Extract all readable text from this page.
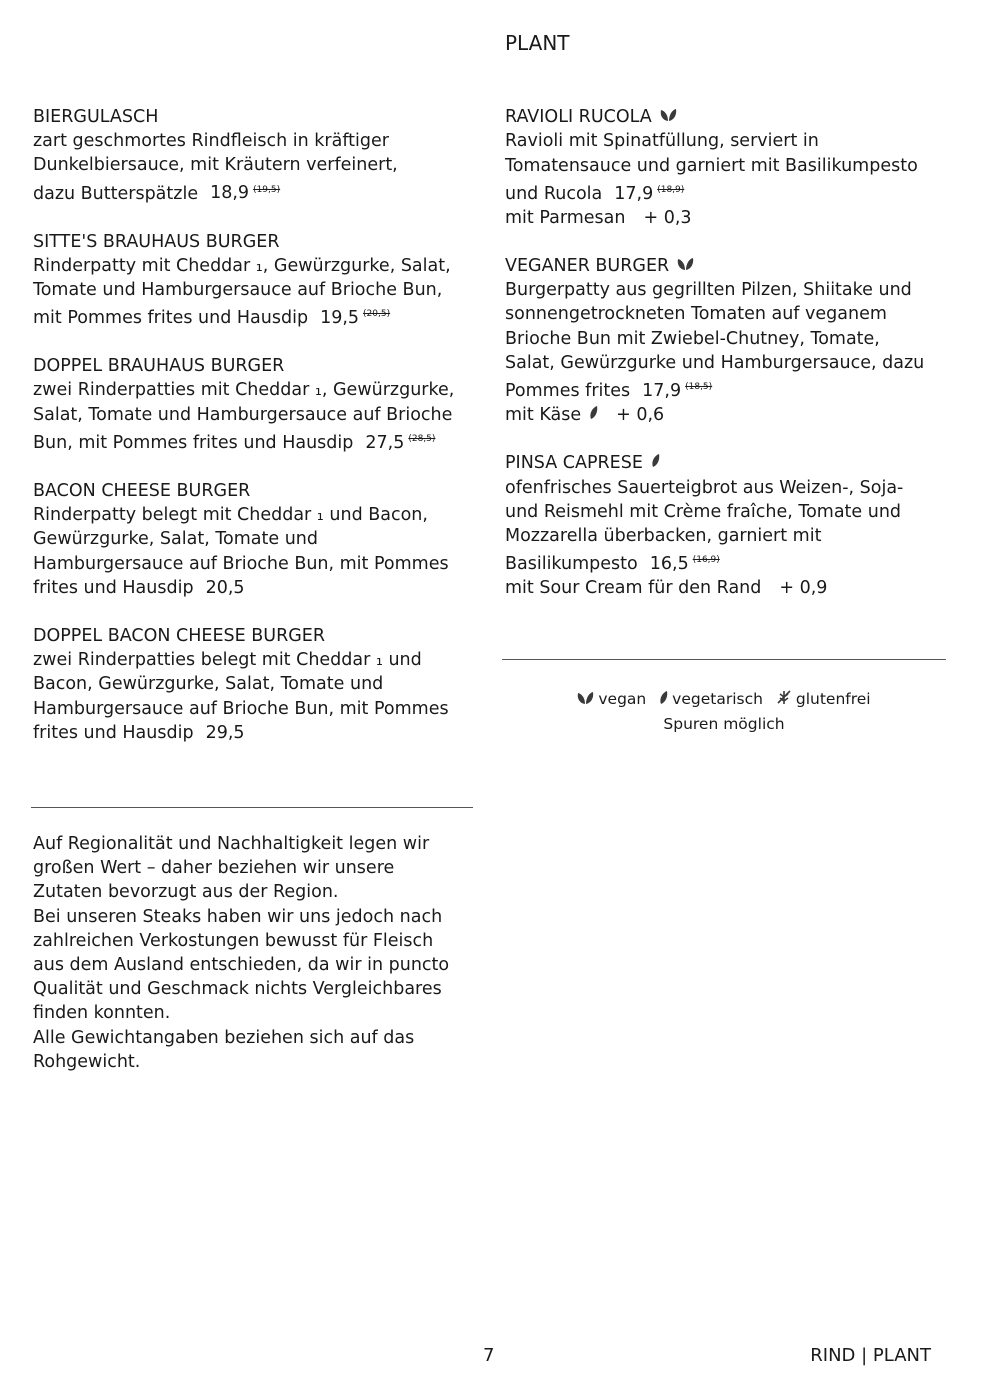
PLANT
BIERGULASCH
zart geschmortes Rindfleisch in kräftiger
Dunkelbiersauce, mit Kräutern verfeinert,
dazu Butterspätzle 18,9 $^{(19,5)}$
SITTE'S BRAUHAUS BURGER
Rinderpatty mit Cheddar ₁, Gewürzgurke, Salat,
Tomate und Hamburgersauce auf Brioche Bun,
mit Pommes frites und Hausdip 19,5 $^{(20,5)}$
DOPPEL BRAUHAUS BURGER
zwei Rinderpatties mit Cheddar ₁, Gewürzgurke,
Salat, Tomate und Hamburgersauce auf Brioche
Bun, mit Pommes frites und Hausdip 27,5 $^{(28,5)}$
BACON CHEESE BURGER
Rinderpatty belegt mit Cheddar ₁ und Bacon,
Gewürzgurke, Salat, Tomate und
Hamburgersauce auf Brioche Bun, mit Pommes
frites und Hausdip 20,5
DOPPEL BACON CHEESE BURGER
zwei Rinderpatties belegt mit Cheddar ₁ und
Bacon, Gewürzgurke, Salat, Tomate und
Hamburgersauce auf Brioche Bun, mit Pommes
frites und Hausdip 29,5
RAVIOLI RUCOLA
Ravioli mit Spinatfüllung, serviert in
Tomatensauce und garniert mit Basilikumpesto
und Rucola 17,9 $^{(18,9)}$
mit Parmesan + 0,3
VEGANER BURGER
Burgerpatty aus gegrillten Pilzen, Shiitake und
sonnengetrockneten Tomaten auf veganem
Brioche Bun mit Zwiebel-Chutney, Tomate,
Salat, Gewürzgurke und Hamburgersauce, dazu
Pommes frites 17,9 $^{(18,5)}$
mit Käse + 0,6
PINSA CAPRESE
ofenfrisches Sauerteigbrot aus Weizen-, Soja-
und Reismehl mit Crème fraîche, Tomate und
Mozzarella überbacken, garniert mit
Basilikumpesto 16,5 $^{(16,9)}$
mit Sour Cream für den Rand + 0,9
vegan vegetarisch glutenfrei
Spuren möglich
Auf Regionalität und Nachhaltigkeit legen wir
großen Wert – daher beziehen wir unsere
Zutaten bevorzugt aus der Region.
Bei unseren Steaks haben wir uns jedoch nach
zahlreichen Verkostungen bewusst für Fleisch
aus dem Ausland entschieden, da wir in puncto
Qualität und Geschmack nichts Vergleichbares
finden konnten.
Alle Gewichtangaben beziehen sich auf das
Rohgewicht.
7	RIND | PLANT
